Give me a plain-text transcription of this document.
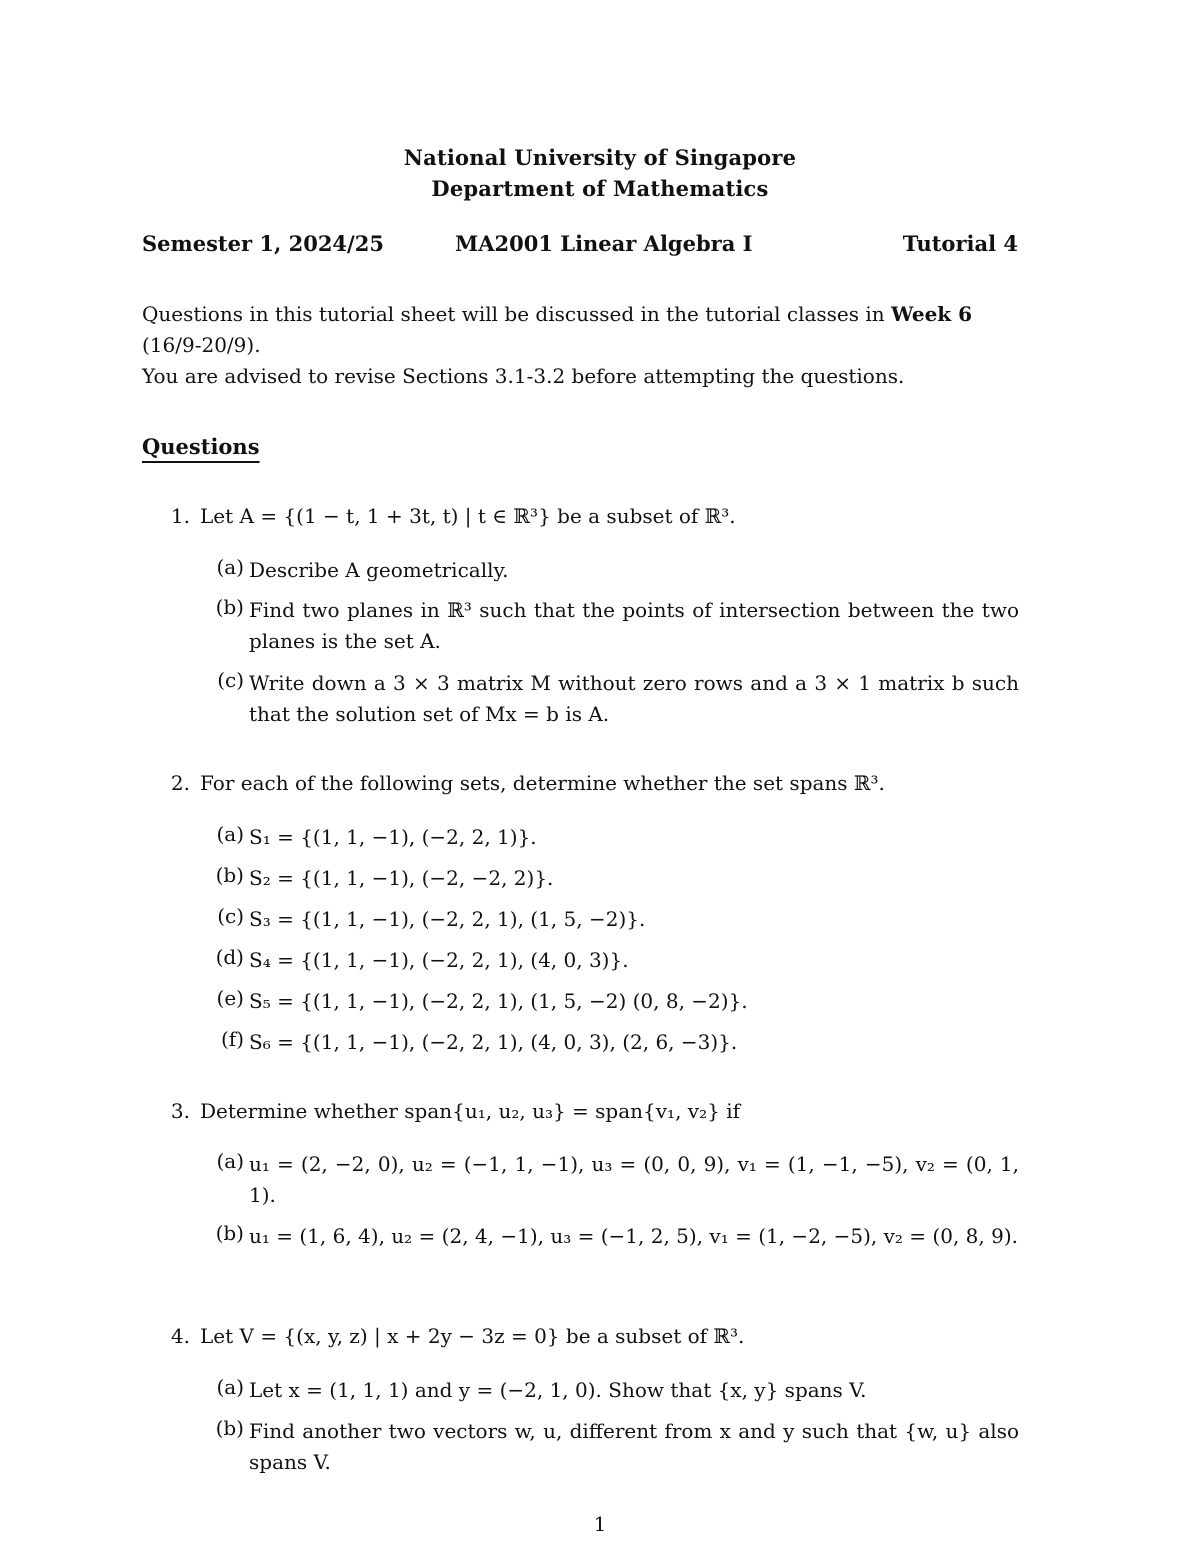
National University of Singapore
Department of Mathematics
Semester 1, 2024/25	MA2001 Linear Algebra I	Tutorial 4
Questions in this tutorial sheet will be discussed in the tutorial classes in Week 6 (16/9-20/9).
You are advised to revise Sections 3.1-3.2 before attempting the questions.
Questions
1. Let A = {(1 − t, 1 + 3t, t) | t ∈ ℝ³} be a subset of ℝ³.
(a) Describe A geometrically.
(b) Find two planes in ℝ³ such that the points of intersection between the two planes is the set A.
(c) Write down a 3 × 3 matrix M without zero rows and a 3 × 1 matrix b such that the solution set of Mx = b is A.
2. For each of the following sets, determine whether the set spans ℝ³.
(a) S₁ = {(1, 1, −1), (−2, 2, 1)}.
(b) S₂ = {(1, 1, −1), (−2, −2, 2)}.
(c) S₃ = {(1, 1, −1), (−2, 2, 1), (1, 5, −2)}.
(d) S₄ = {(1, 1, −1), (−2, 2, 1), (4, 0, 3)}.
(e) S₅ = {(1, 1, −1), (−2, 2, 1), (1, 5, −2) (0, 8, −2)}.
(f) S₆ = {(1, 1, −1), (−2, 2, 1), (4, 0, 3), (2, 6, −3)}.
3. Determine whether span{u₁, u₂, u₃} = span{v₁, v₂} if
(a) u₁ = (2, −2, 0), u₂ = (−1, 1, −1), u₃ = (0, 0, 9), v₁ = (1, −1, −5), v₂ = (0, 1, 1).
(b) u₁ = (1, 6, 4), u₂ = (2, 4, −1), u₃ = (−1, 2, 5), v₁ = (1, −2, −5), v₂ = (0, 8, 9).
4. Let V = {(x, y, z) | x + 2y − 3z = 0} be a subset of ℝ³.
(a) Let x = (1, 1, 1) and y = (−2, 1, 0). Show that {x, y} spans V.
(b) Find another two vectors w, u, different from x and y such that {w, u} also spans V.
1
